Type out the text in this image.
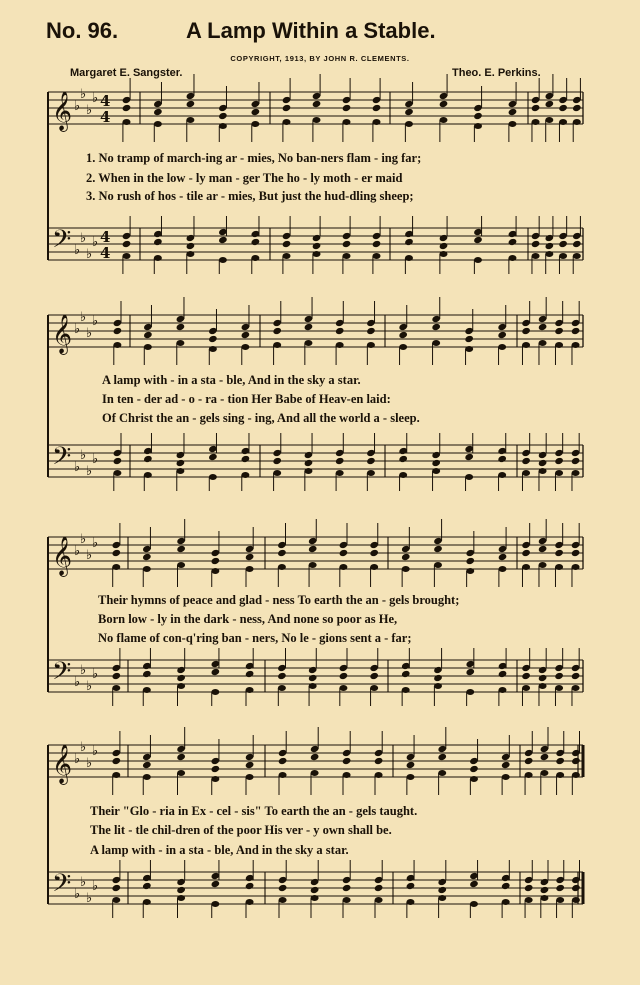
No. 96.	A Lamp Within a Stable.
COPYRIGHT, 1913, BY JOHN R. CLEMENTS.
Margaret E. Sangster.	Theo. E. Perkins.
𝄞
𝄢
♭
♭
♭
♭
♭
♭
♭
♭
4
4
4
4
𝄞
𝄢
♭
♭
♭
♭
♭
♭
♭
♭
𝄞
𝄢
♭
♭
♭
♭
♭
♭
♭
♭
𝄞
𝄢
♭
♭
♭
♭
♭
♭
♭
♭
1. No tramp of march-ing ar - mies, No ban-ners flam - ing far;
2. When in the low - ly man - ger The ho - ly moth - er maid
3. No rush of hos - tile ar - mies, But just the hud-dling sheep;
A lamp with - in a sta - ble, And in the sky a star.
In ten - der ad - o - ra - tion Her Babe of Heav-en laid:
Of Christ the an - gels sing - ing, And all the world a - sleep.
Their hymns of peace and glad - ness To earth the an - gels brought;
Born low - ly in the dark - ness, And none so poor as He,
No flame of con-q'ring ban - ners, No le - gions sent a - far;
Their "Glo - ria in Ex - cel - sis" To earth the an - gels taught.
The lit - tle chil-dren of the poor His ver - y own shall be.
A lamp with - in a sta - ble, And in the sky a star.
